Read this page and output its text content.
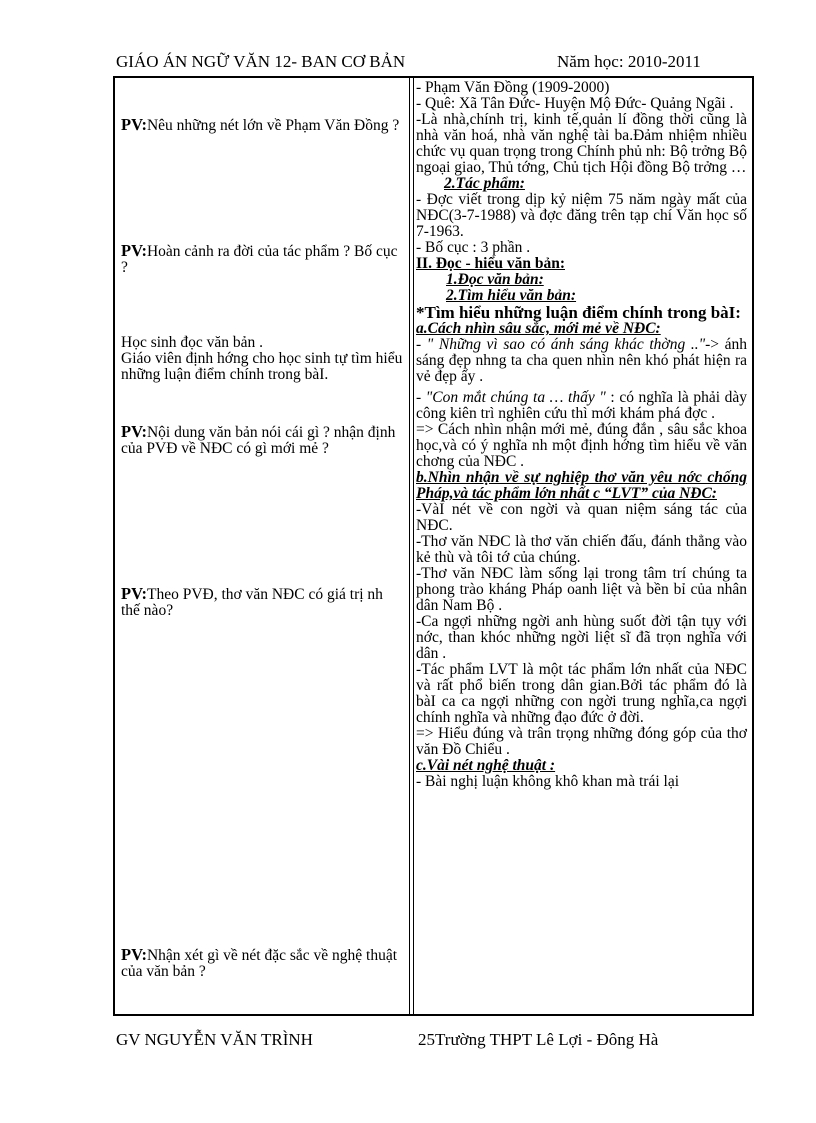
GIÁO ÁN NGỮ VĂN 12- BAN CƠ BẢN	Năm học: 2010-2011
PV:Nêu những nét lớn về Phạm Văn Đồng ?
PV:Hoàn cảnh ra đời của tác phẩm ? Bố cục ?
Học sinh đọc văn bản .
Giáo viên định hớng cho học sinh tự tìm hiểu những luận điểm chính trong bàI.
PV:Nội dung văn bản nói cái gì ? nhận định của PVĐ về NĐC có gì mới mẻ ?
PV:Theo PVĐ, thơ văn NĐC có giá trị nh thế nào?
PV:Nhận xét gì về nét đặc sắc về nghệ thuật của văn bản ?

- Phạm Văn Đồng (1909-2000)

- Quê: Xã Tân Đức- Huyện Mộ Đức- Quảng Ngãi .

-Là nhà,chính trị, kinh tế,quản lí đồng thời cũng là nhà văn hoá, nhà văn nghệ tài ba.Đảm nhiệm nhiều chức vụ quan trọng trong Chính phủ nh: Bộ trởng Bộ ngoại giao, Thủ tớng, Chủ tịch Hội đồng Bộ trởng …

2.Tác phẩm:

- Đợc viết trong dịp kỷ niệm 75 năm ngày mất của NĐC(3-7-1988) và đợc đăng trên tạp chí Văn học số 7-1963.

- Bố cục : 3 phần .

II. Đọc - hiểu văn bản:

1.Đọc văn bản:

2.Tìm hiểu văn bản:

*Tìm hiểu những luận điểm chính trong bàI:

a.Cách nhìn sâu sắc, mới mẻ về NĐC:

- " Những vì sao có ánh sáng khác thờng .."-> ánh sáng đẹp nhng ta cha quen nhìn nên khó phát hiện ra vẻ đẹp ấy .

- "Con mắt chúng ta … thấy " : có nghĩa là phải dày công kiên trì nghiên cứu thì mới khám phá đợc .

=> Cách nhìn nhận mới mẻ, đúng đắn , sâu sắc khoa học,và có ý nghĩa nh một định hớng tìm hiểu về văn chơng của NĐC .

b.Nhìn nhận về sự nghiệp thơ văn yêu nớc chống Pháp,và tác phẩm lớn nhất c “LVT” của NĐC:

-VàI nét về con ngời và quan niệm sáng tác của NĐC.

-Thơ văn NĐC là thơ văn chiến đấu, đánh thẳng vào kẻ thù và tôi tớ của chúng.

-Thơ văn NĐC làm sống lại trong tâm trí chúng ta phong trào kháng Pháp oanh liệt và bền bỉ của nhân dân Nam Bộ .

-Ca ngợi những ngời anh hùng suốt đời tận tụy với nớc, than khóc những ngời liệt sĩ đã trọn nghĩa với dân .

-Tác phẩm LVT là một tác phẩm lớn nhất của NĐC và rất phổ biến trong dân gian.Bởi tác phẩm đó là bàI ca ca ngợi những con ngời trung nghĩa,ca ngợi chính nghĩa và những đạo đức ở đời.

=> Hiểu đúng và trân trọng những đóng góp của thơ văn Đồ Chiểu .

c.Vài nét nghệ thuật :

- Bài nghị luận không khô khan mà trái lại

GV NGUYỄN VĂN TRÌNH	25Trường THPT Lê Lợi - Đông Hà
